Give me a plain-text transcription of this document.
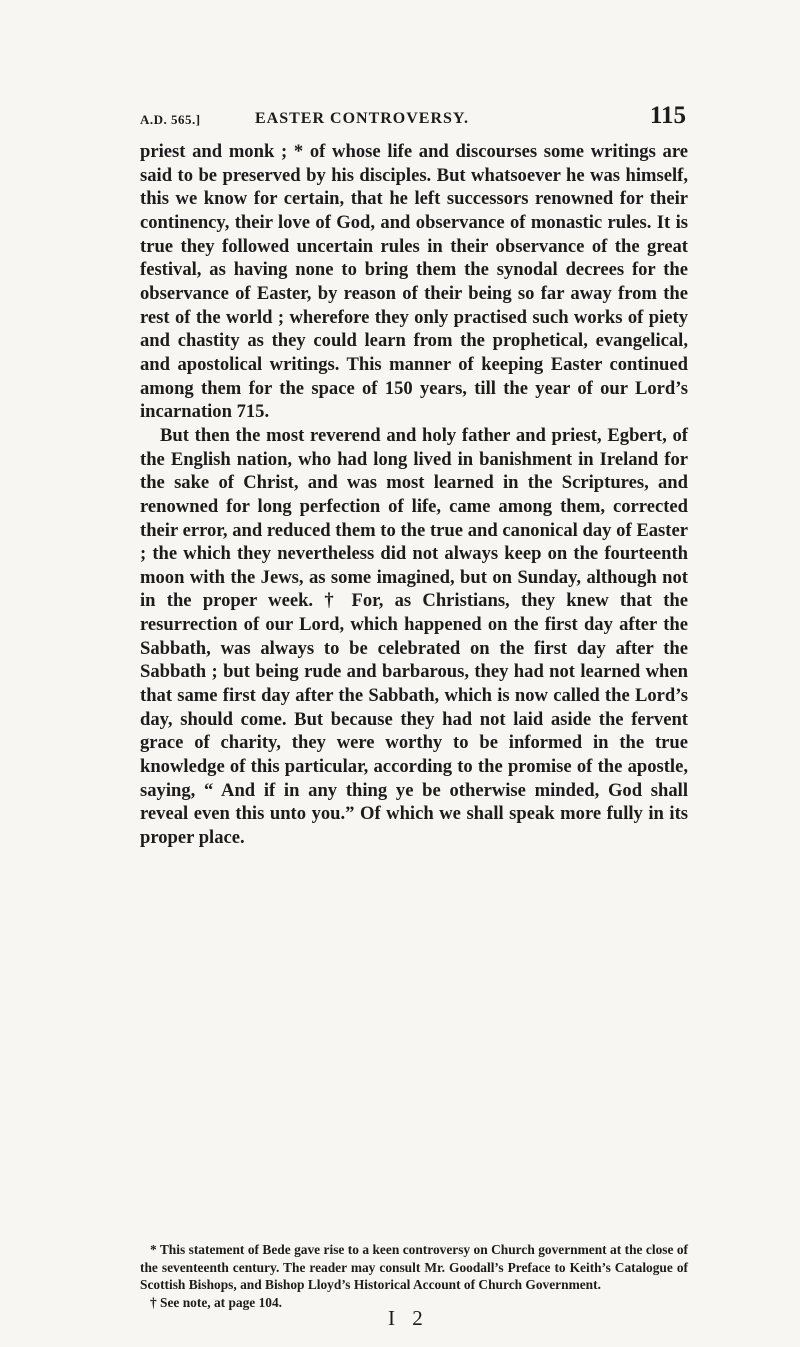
A.D. 565.]	EASTER CONTROVERSY.	115

priest and monk ; * of whose life and discourses some writings are said to be preserved by his disciples. But whatsoever he was himself, this we know for certain, that he left successors renowned for their continency, their love of God, and observance of monastic rules. It is true they followed uncertain rules in their observance of the great festival, as having none to bring them the synodal decrees for the observance of Easter, by reason of their being so far away from the rest of the world ; wherefore they only practised such works of piety and chastity as they could learn from the prophetical, evangelical, and apostolical writings. This manner of keeping Easter continued among them for the space of 150 years, till the year of our Lord’s incarnation 715.

But then the most reverend and holy father and priest, Egbert, of the English nation, who had long lived in banishment in Ireland for the sake of Christ, and was most learned in the Scriptures, and renowned for long perfection of life, came among them, corrected their error, and reduced them to the true and canonical day of Easter ; the which they nevertheless did not always keep on the fourteenth moon with the Jews, as some imagined, but on Sunday, although not in the proper week. † For, as Christians, they knew that the resurrection of our Lord, which happened on the first day after the Sabbath, was always to be celebrated on the first day after the Sabbath ; but being rude and barbarous, they had not learned when that same first day after the Sabbath, which is now called the Lord’s day, should come. But because they had not laid aside the fervent grace of charity, they were worthy to be informed in the true knowledge of this particular, according to the promise of the apostle, saying, “ And if in any thing ye be otherwise minded, God shall reveal even this unto you.” Of which we shall speak more fully in its proper place.

* This statement of Bede gave rise to a keen controversy on Church government at the close of the seventeenth century. The reader may consult Mr. Goodall’s Preface to Keith’s Catalogue of Scottish Bishops, and Bishop Lloyd’s Historical Account of Church Government.

† See note, at page 104.

I 2
